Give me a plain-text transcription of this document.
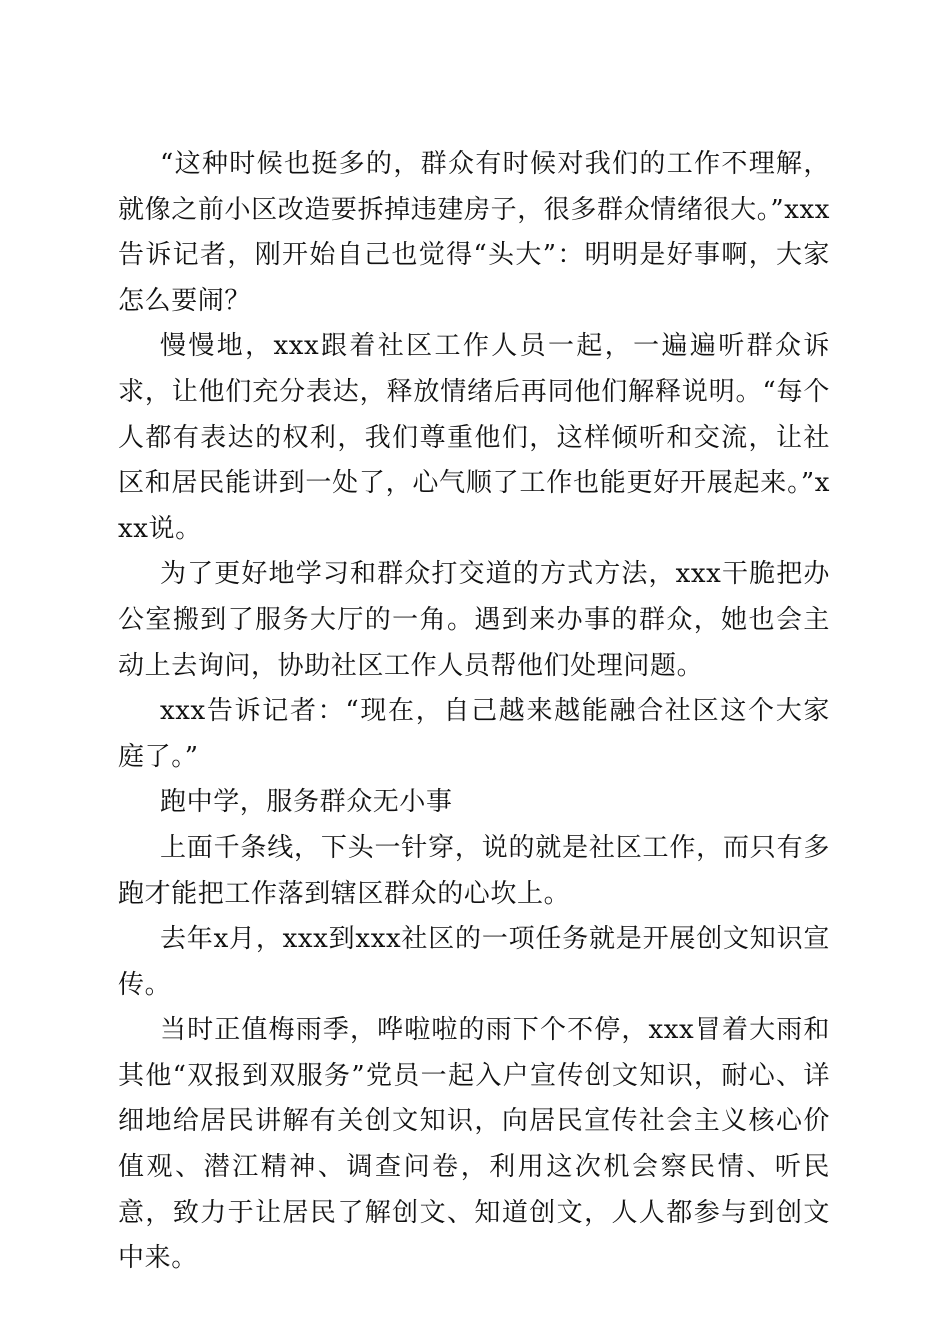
“这种时候也挺多的，群众有时候对我们的工作不理解，就像之前小区改造要拆掉违建房子，很多群众情绪很大。”xxx告诉记者，刚开始自己也觉得“头大”：明明是好事啊，大家怎么要闹？

慢慢地，xxx跟着社区工作人员一起，一遍遍听群众诉求，让他们充分表达，释放情绪后再同他们解释说明。“每个人都有表达的权利，我们尊重他们，这样倾听和交流，让社区和居民能讲到一处了，心气顺了工作也能更好开展起来。”xxx说。

为了更好地学习和群众打交道的方式方法，xxx干脆把办公室搬到了服务大厅的一角。遇到来办事的群众，她也会主动上去询问，协助社区工作人员帮他们处理问题。

xxx告诉记者：“现在，自己越来越能融合社区这个大家庭了。”

跑中学，服务群众无小事

上面千条线，下头一针穿，说的就是社区工作，而只有多跑才能把工作落到辖区群众的心坎上。

去年x月，xxx到xxx社区的一项任务就是开展创文知识宣传。

当时正值梅雨季，哗啦啦的雨下个不停，xxx冒着大雨和其他“双报到双服务”党员一起入户宣传创文知识，耐心、详细地给居民讲解有关创文知识，向居民宣传社会主义核心价值观、潜江精神、调查问卷，利用这次机会察民情、听民意，致力于让居民了解创文、知道创文，人人都参与到创文中来。
